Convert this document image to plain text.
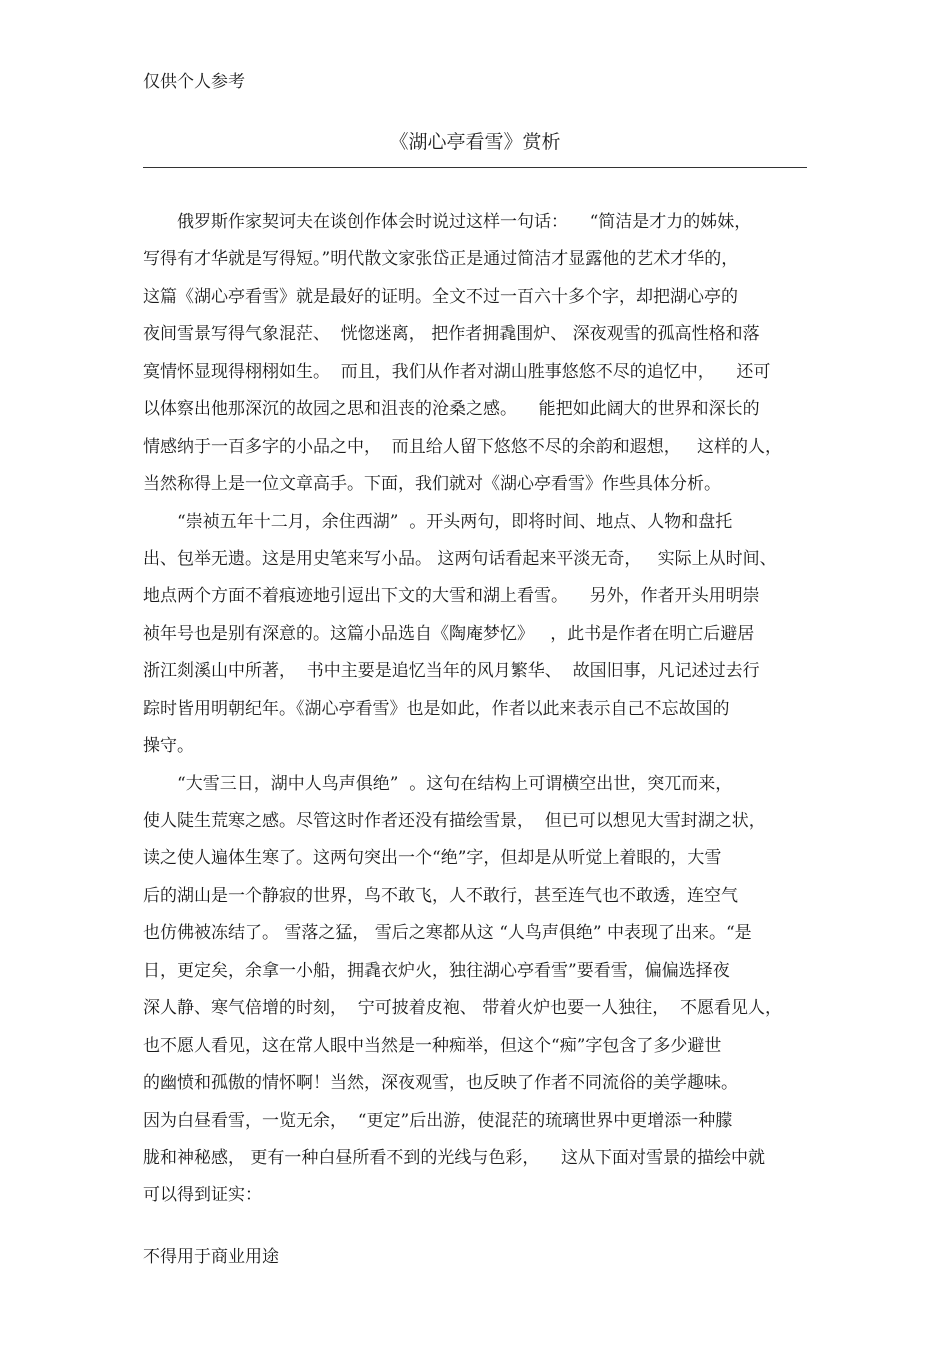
仅供个人参考
《湖心亭看雪》赏析
俄罗斯作家契诃夫在谈创作体会时说过这样一句话：    “简洁是才力的姊妹，
写得有才华就是写得短。”明代散文家张岱正是通过简洁才显露他的艺术才华的，
这篇《湖心亭看雪》就是最好的证明。全文不过一百六十多个字，却把湖心亭的
夜间雪景写得气象混茫、  恍惚迷离， 把作者拥毳围炉、 深夜观雪的孤高性格和落
寞情怀显现得栩栩如生。  而且，我们从作者对湖山胜事悠悠不尽的追忆中，    还可
以体察出他那深沉的故园之思和沮丧的沧桑之感。    能把如此阔大的世界和深长的
情感纳于一百多字的小品之中，  而且给人留下悠悠不尽的余韵和遐想，   这样的人，
当然称得上是一位文章高手。下面，我们就对《湖心亭看雪》作些具体分析。
“崇祯五年十二月，余住西湖”  。开头两句，即将时间、地点、人物和盘托
出、包举无遗。这是用史笔来写小品。 这两句话看起来平淡无奇，   实际上从时间、
地点两个方面不着痕迹地引逗出下文的大雪和湖上看雪。    另外，作者开头用明崇
祯年号也是别有深意的。这篇小品选自《陶庵梦忆》   ，此书是作者在明亡后避居
浙江剡溪山中所著，  书中主要是追忆当年的风月繁华、  故国旧事，凡记述过去行
踪时皆用明朝纪年。《湖心亭看雪》也是如此，作者以此来表示自己不忘故国的
操守。
“大雪三日，湖中人鸟声俱绝”  。这句在结构上可谓横空出世，突兀而来，
使人陡生荒寒之感。尽管这时作者还没有描绘雪景，  但已可以想见大雪封湖之状，
读之使人遍体生寒了。这两句突出一个“绝”字，但却是从听觉上着眼的，大雪
后的湖山是一个静寂的世界，鸟不敢飞，人不敢行，甚至连气也不敢透，连空气
也仿佛被冻结了。 雪落之猛， 雪后之寒都从这 “人鸟声俱绝” 中表现了出来。“是
日，更定矣，余拿一小船，拥毳衣炉火，独往湖心亭看雪”要看雪，偏偏选择夜
深人静、寒气倍增的时刻，  宁可披着皮袍、 带着火炉也要一人独往，  不愿看见人，
也不愿人看见，这在常人眼中当然是一种痴举，但这个“痴”字包含了多少避世
的幽愤和孤傲的情怀啊！当然，深夜观雪，也反映了作者不同流俗的美学趣味。
因为白昼看雪，一览无余，  “更定”后出游，使混茫的琉璃世界中更增添一种朦
胧和神秘感， 更有一种白昼所看不到的光线与色彩，    这从下面对雪景的描绘中就
可以得到证实：
不得用于商业用途
